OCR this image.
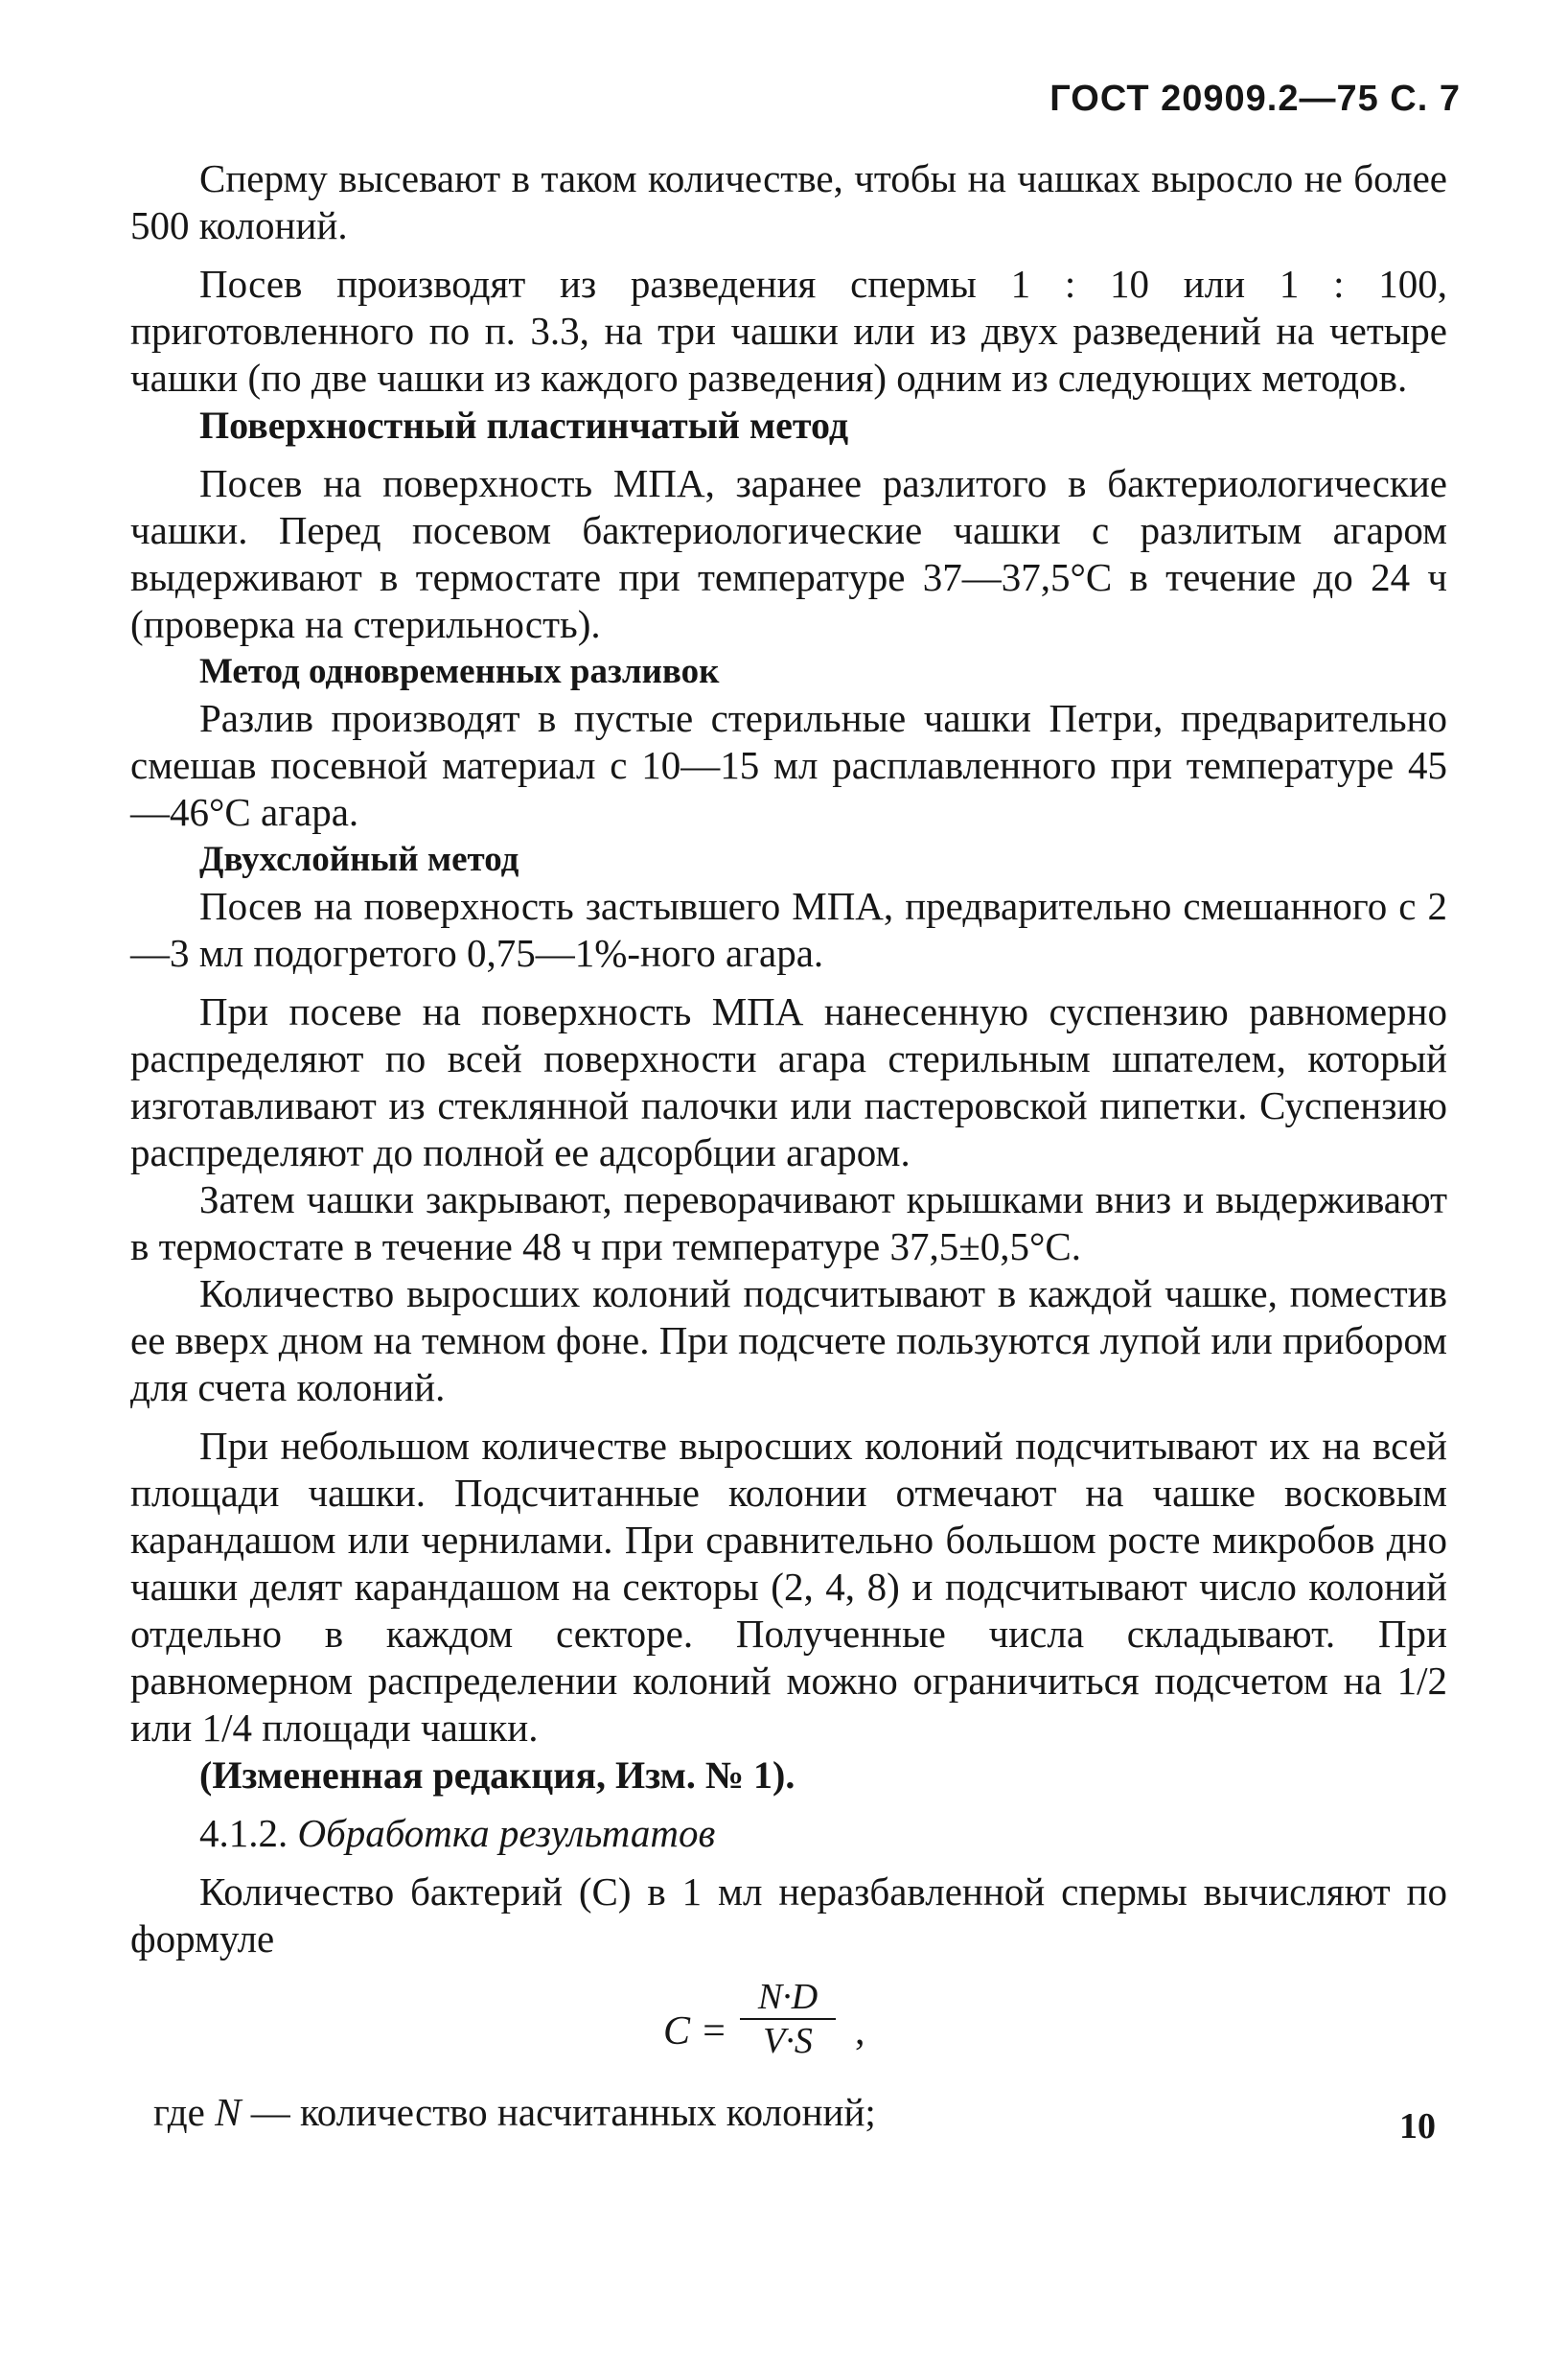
ГОСТ 20909.2—75 С. 7

Сперму высевают в таком количестве, чтобы на чашках выросло не более 500 колоний.

Посев производят из разведения спермы 1 : 10 или 1 : 100, приготовленного по п. 3.3, на три чашки или из двух разведений на четыре чашки (по две чашки из каждого разведения) одним из следующих методов.

Поверхностный пластинчатый метод

Посев на поверхность МПА, заранее разлитого в бактериологические чашки. Перед посевом бактериологические чашки с разлитым агаром выдерживают в термостате при температуре 37—37,5°С в течение до 24 ч (проверка на стерильность).

Метод одновременных разливок

Разлив производят в пустые стерильные чашки Петри, предварительно смешав посевной материал с 10—15 мл расплавленного при температуре 45—46°С агара.

Двухслойный метод

Посев на поверхность застывшего МПА, предварительно смешанного с 2—3 мл подогретого 0,75—1%-ного агара.

При посеве на поверхность МПА нанесенную суспензию равномерно распределяют по всей поверхности агара стерильным шпателем, который изготавливают из стеклянной палочки или пастеровской пипетки. Суспензию распределяют до полной ее адсорбции агаром.

Затем чашки закрывают, переворачивают крышками вниз и выдерживают в термостате в течение 48 ч при температуре 37,5±0,5°С.

Количество выросших колоний подсчитывают в каждой чашке, поместив ее вверх дном на темном фоне. При подсчете пользуются лупой или прибором для счета колоний.

При небольшом количестве выросших колоний подсчитывают их на всей площади чашки. Подсчитанные колонии отмечают на чашке восковым карандашом или чернилами. При сравнительно большом росте микробов дно чашки делят карандашом на секторы (2, 4, 8) и подсчитывают число колоний отдельно в каждом секторе. Полученные числа складывают. При равномерном распределении колоний можно ограничиться подсчетом на 1/2 или 1/4 площади чашки.

(Измененная редакция, Изм. № 1).

4.1.2. Обработка результатов

Количество бактерий (С) в 1 мл неразбавленной спермы вычисляют по формуле

$C = \frac{N\cdot D}{V\cdot S}$ ,

где N — количество насчитанных колоний;	10
